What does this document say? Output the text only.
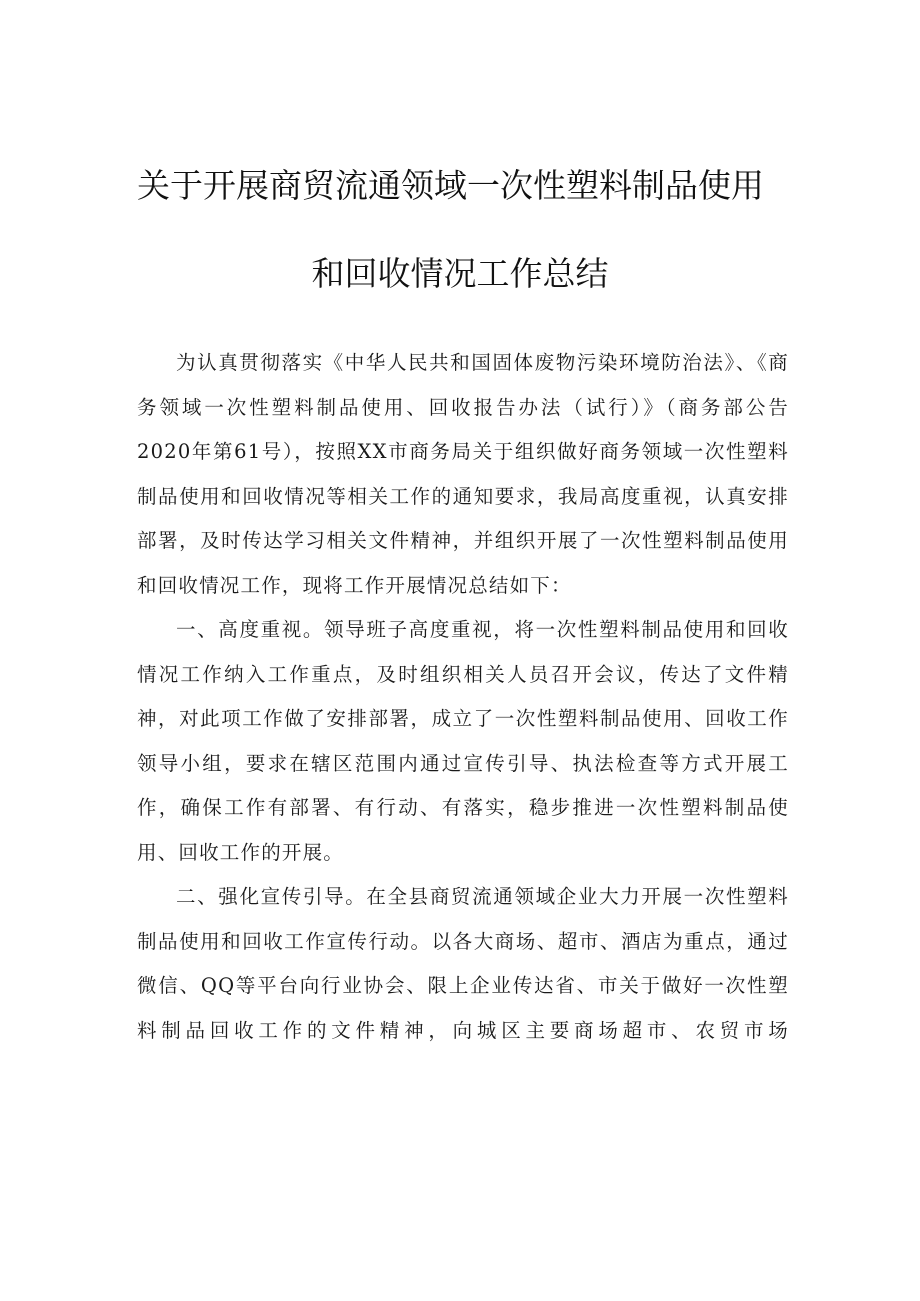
关于开展商贸流通领域一次性塑料制品使用
和回收情况工作总结

为认真贯彻落实《中华人民共和国固体废物污染环境防治法》、《商务领域一次性塑料制品使用、回收报告办法（试行）》（商务部公告2020年第61号），按照XX市商务局关于组织做好商务领域一次性塑料制品使用和回收情况等相关工作的通知要求，我局高度重视，认真安排部署，及时传达学习相关文件精神，并组织开展了一次性塑料制品使用和回收情况工作，现将工作开展情况总结如下：

一、高度重视。领导班子高度重视，将一次性塑料制品使用和回收情况工作纳入工作重点，及时组织相关人员召开会议，传达了文件精神，对此项工作做了安排部署，成立了一次性塑料制品使用、回收工作领导小组，要求在辖区范围内通过宣传引导、执法检查等方式开展工作，确保工作有部署、有行动、有落实，稳步推进一次性塑料制品使用、回收工作的开展。

二、强化宣传引导。在全县商贸流通领域企业大力开展一次性塑料制品使用和回收工作宣传行动。以各大商场、超市、酒店为重点，通过微信、QQ等平台向行业协会、限上企业传达省、市关于做好一次性塑料制品回收工作的文件精神，向城区主要商场超市、农贸市场
